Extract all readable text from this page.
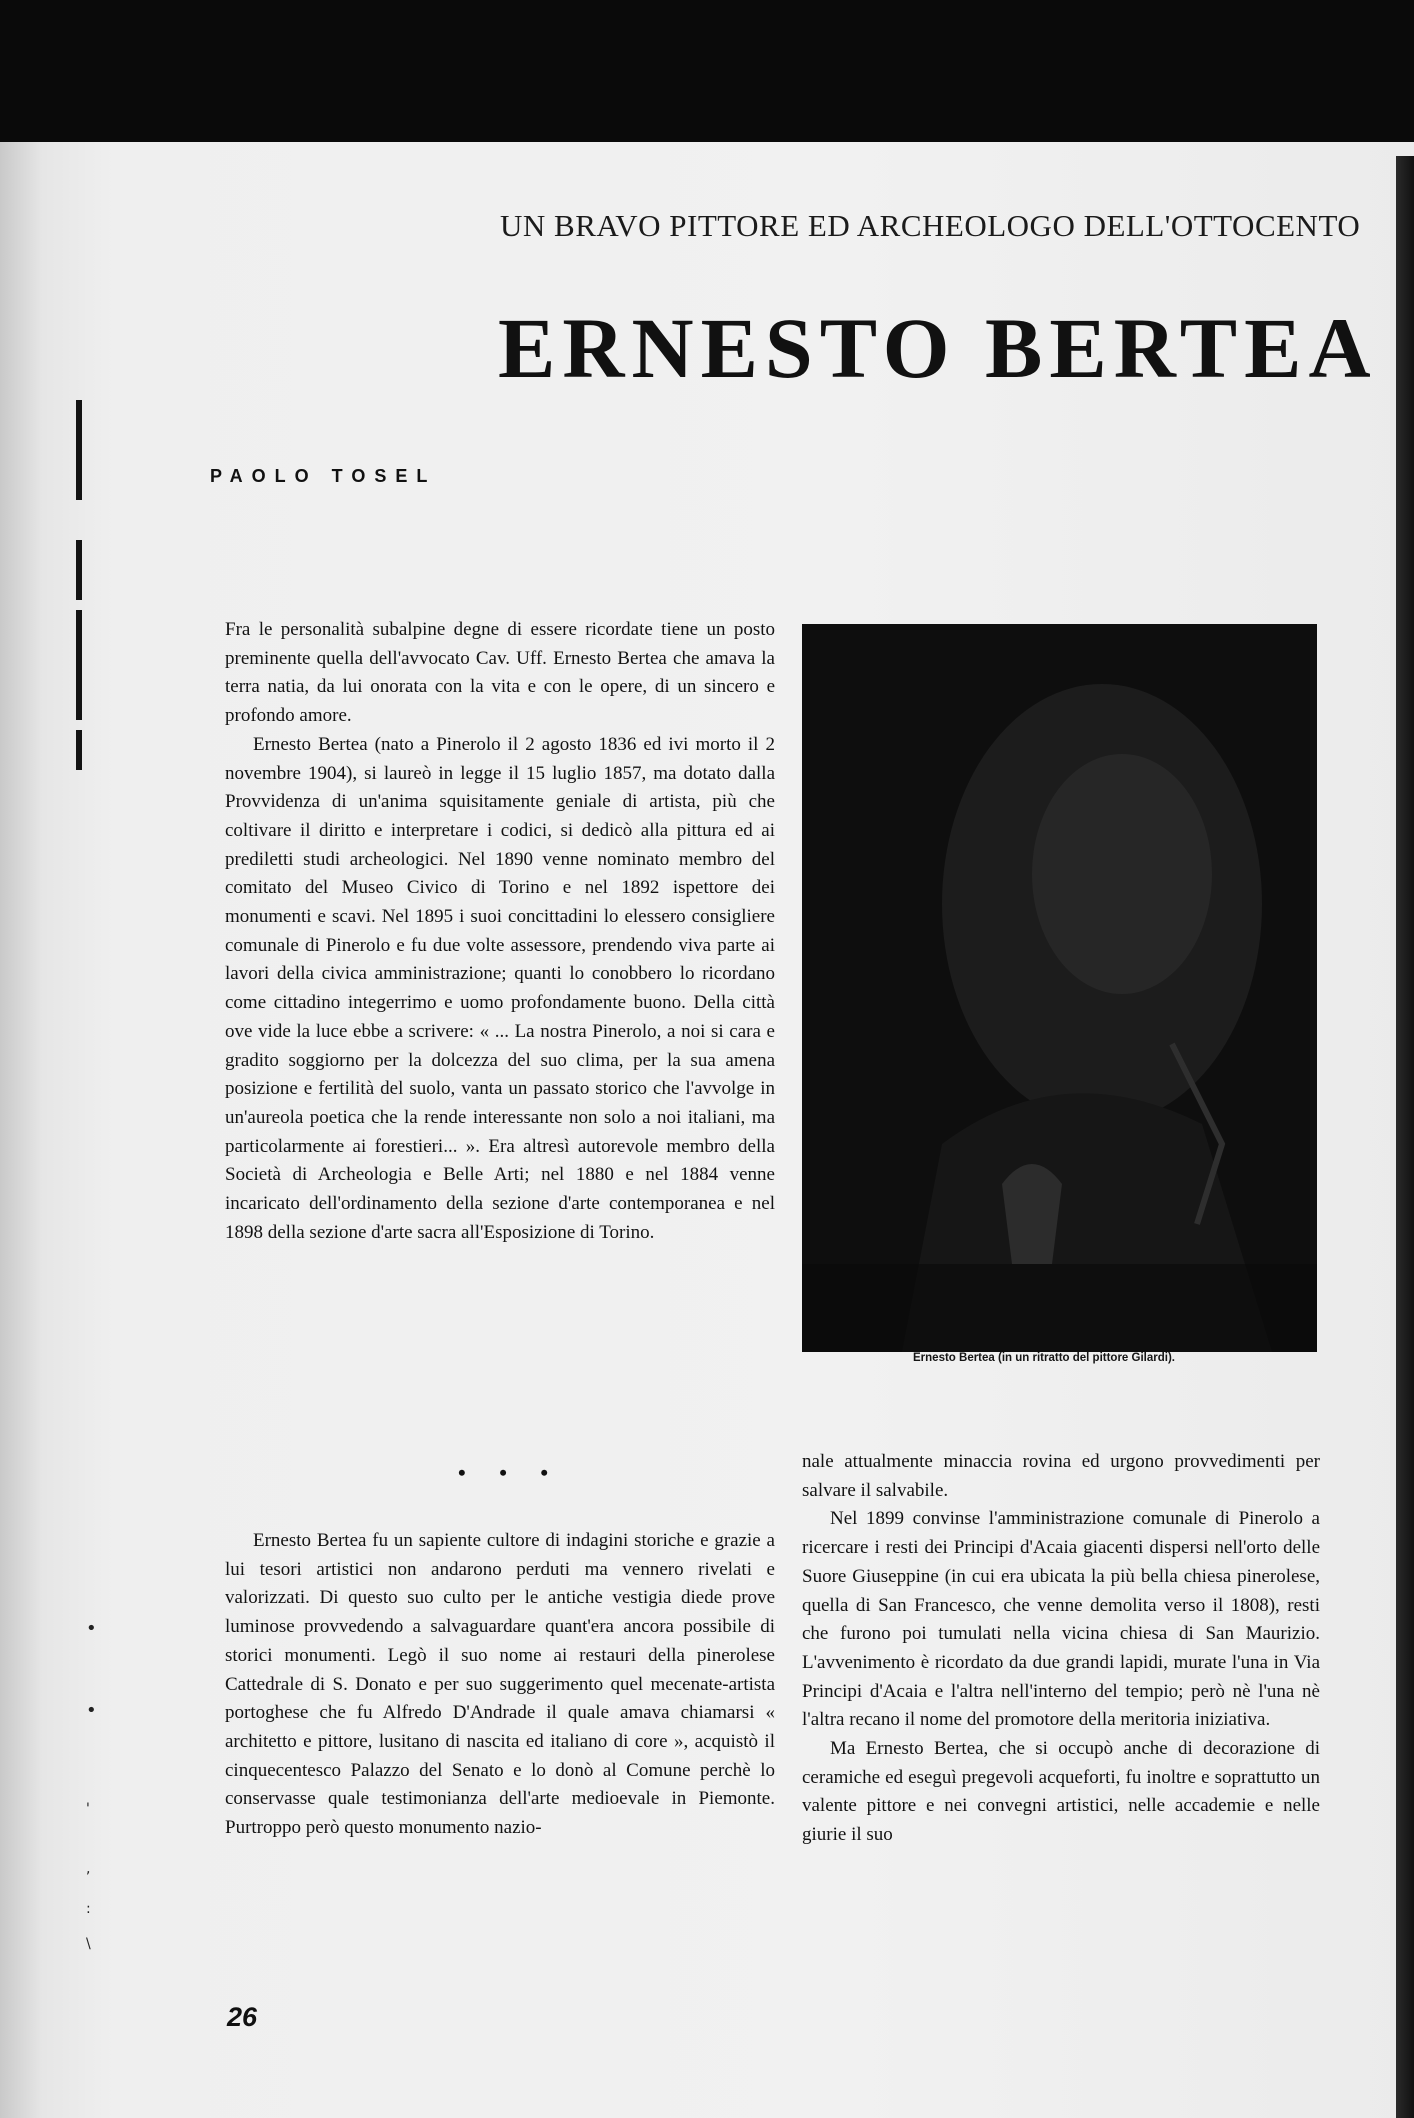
•
•
'
,
:
\
UN BRAVO PITTORE ED ARCHEOLOGO DELL'OTTOCENTO
ERNESTO BERTEA
PAOLO TOSEL

Fra le personalità subalpine degne di essere ricordate tiene un posto preminente quella dell'avvocato Cav. Uff. Ernesto Bertea che amava la terra natia, da lui onorata con la vita e con le opere, di un sincero e profondo amore.

Ernesto Bertea (nato a Pinerolo il 2 agosto 1836 ed ivi morto il 2 novembre 1904), si laureò in legge il 15 luglio 1857, ma dotato dalla Provvidenza di un'anima squisitamente geniale di artista, più che coltivare il diritto e interpretare i codici, si dedicò alla pittura ed ai prediletti studi archeologici. Nel 1890 venne nominato membro del comitato del Museo Civico di Torino e nel 1892 ispettore dei monumenti e scavi. Nel 1895 i suoi concittadini lo elessero consigliere comunale di Pinerolo e fu due volte assessore, prendendo viva parte ai lavori della civica amministrazione; quanti lo conobbero lo ricordano come cittadino integerrimo e uomo profondamente buono. Della città ove vide la luce ebbe a scrivere: « ... La nostra Pinerolo, a noi si cara e gradito soggiorno per la dolcezza del suo clima, per la sua amena posizione e fertilità del suolo, vanta un passato storico che l'avvolge in un'aureola poetica che la rende interessante non solo a noi italiani, ma particolarmente ai forestieri... ». Era altresì autorevole membro della Società di Archeologia e Belle Arti; nel 1880 e nel 1884 venne incaricato dell'ordinamento della sezione d'arte contemporanea e nel 1898 della sezione d'arte sacra all'Esposizione di Torino.

• • •

Ernesto Bertea fu un sapiente cultore di indagini storiche e grazie a lui tesori artistici non andarono perduti ma vennero rivelati e valorizzati. Di questo suo culto per le antiche vestigia diede prove luminose provvedendo a salvaguardare quant'era ancora possibile di storici monumenti. Legò il suo nome ai restauri della pinerolese Cattedrale di S. Donato e per suo suggerimento quel mecenate-artista portoghese che fu Alfredo D'Andrade il quale amava chiamarsi « architetto e pittore, lusitano di nascita ed italiano di core », acquistò il cinquecentesco Palazzo del Senato e lo donò al Comune perchè lo conservasse quale testimonianza dell'arte medioevale in Piemonte. Purtroppo però questo monumento nazio-

Ernesto Bertea (in un ritratto del pittore Gilardi).

nale attualmente minaccia rovina ed urgono provvedimenti per salvare il salvabile.

Nel 1899 convinse l'amministrazione comunale di Pinerolo a ricercare i resti dei Principi d'Acaia giacenti dispersi nell'orto delle Suore Giuseppine (in cui era ubicata la più bella chiesa pinerolese, quella di San Francesco, che venne demolita verso il 1808), resti che furono poi tumulati nella vicina chiesa di San Maurizio. L'avvenimento è ricordato da due grandi lapidi, murate l'una in Via Principi d'Acaia e l'altra nell'interno del tempio; però nè l'una nè l'altra recano il nome del promotore della meritoria iniziativa.

Ma Ernesto Bertea, che si occupò anche di decorazione di ceramiche ed eseguì pregevoli acqueforti, fu inoltre e soprattutto un valente pittore e nei convegni artistici, nelle accademie e nelle giurie il suo

26
